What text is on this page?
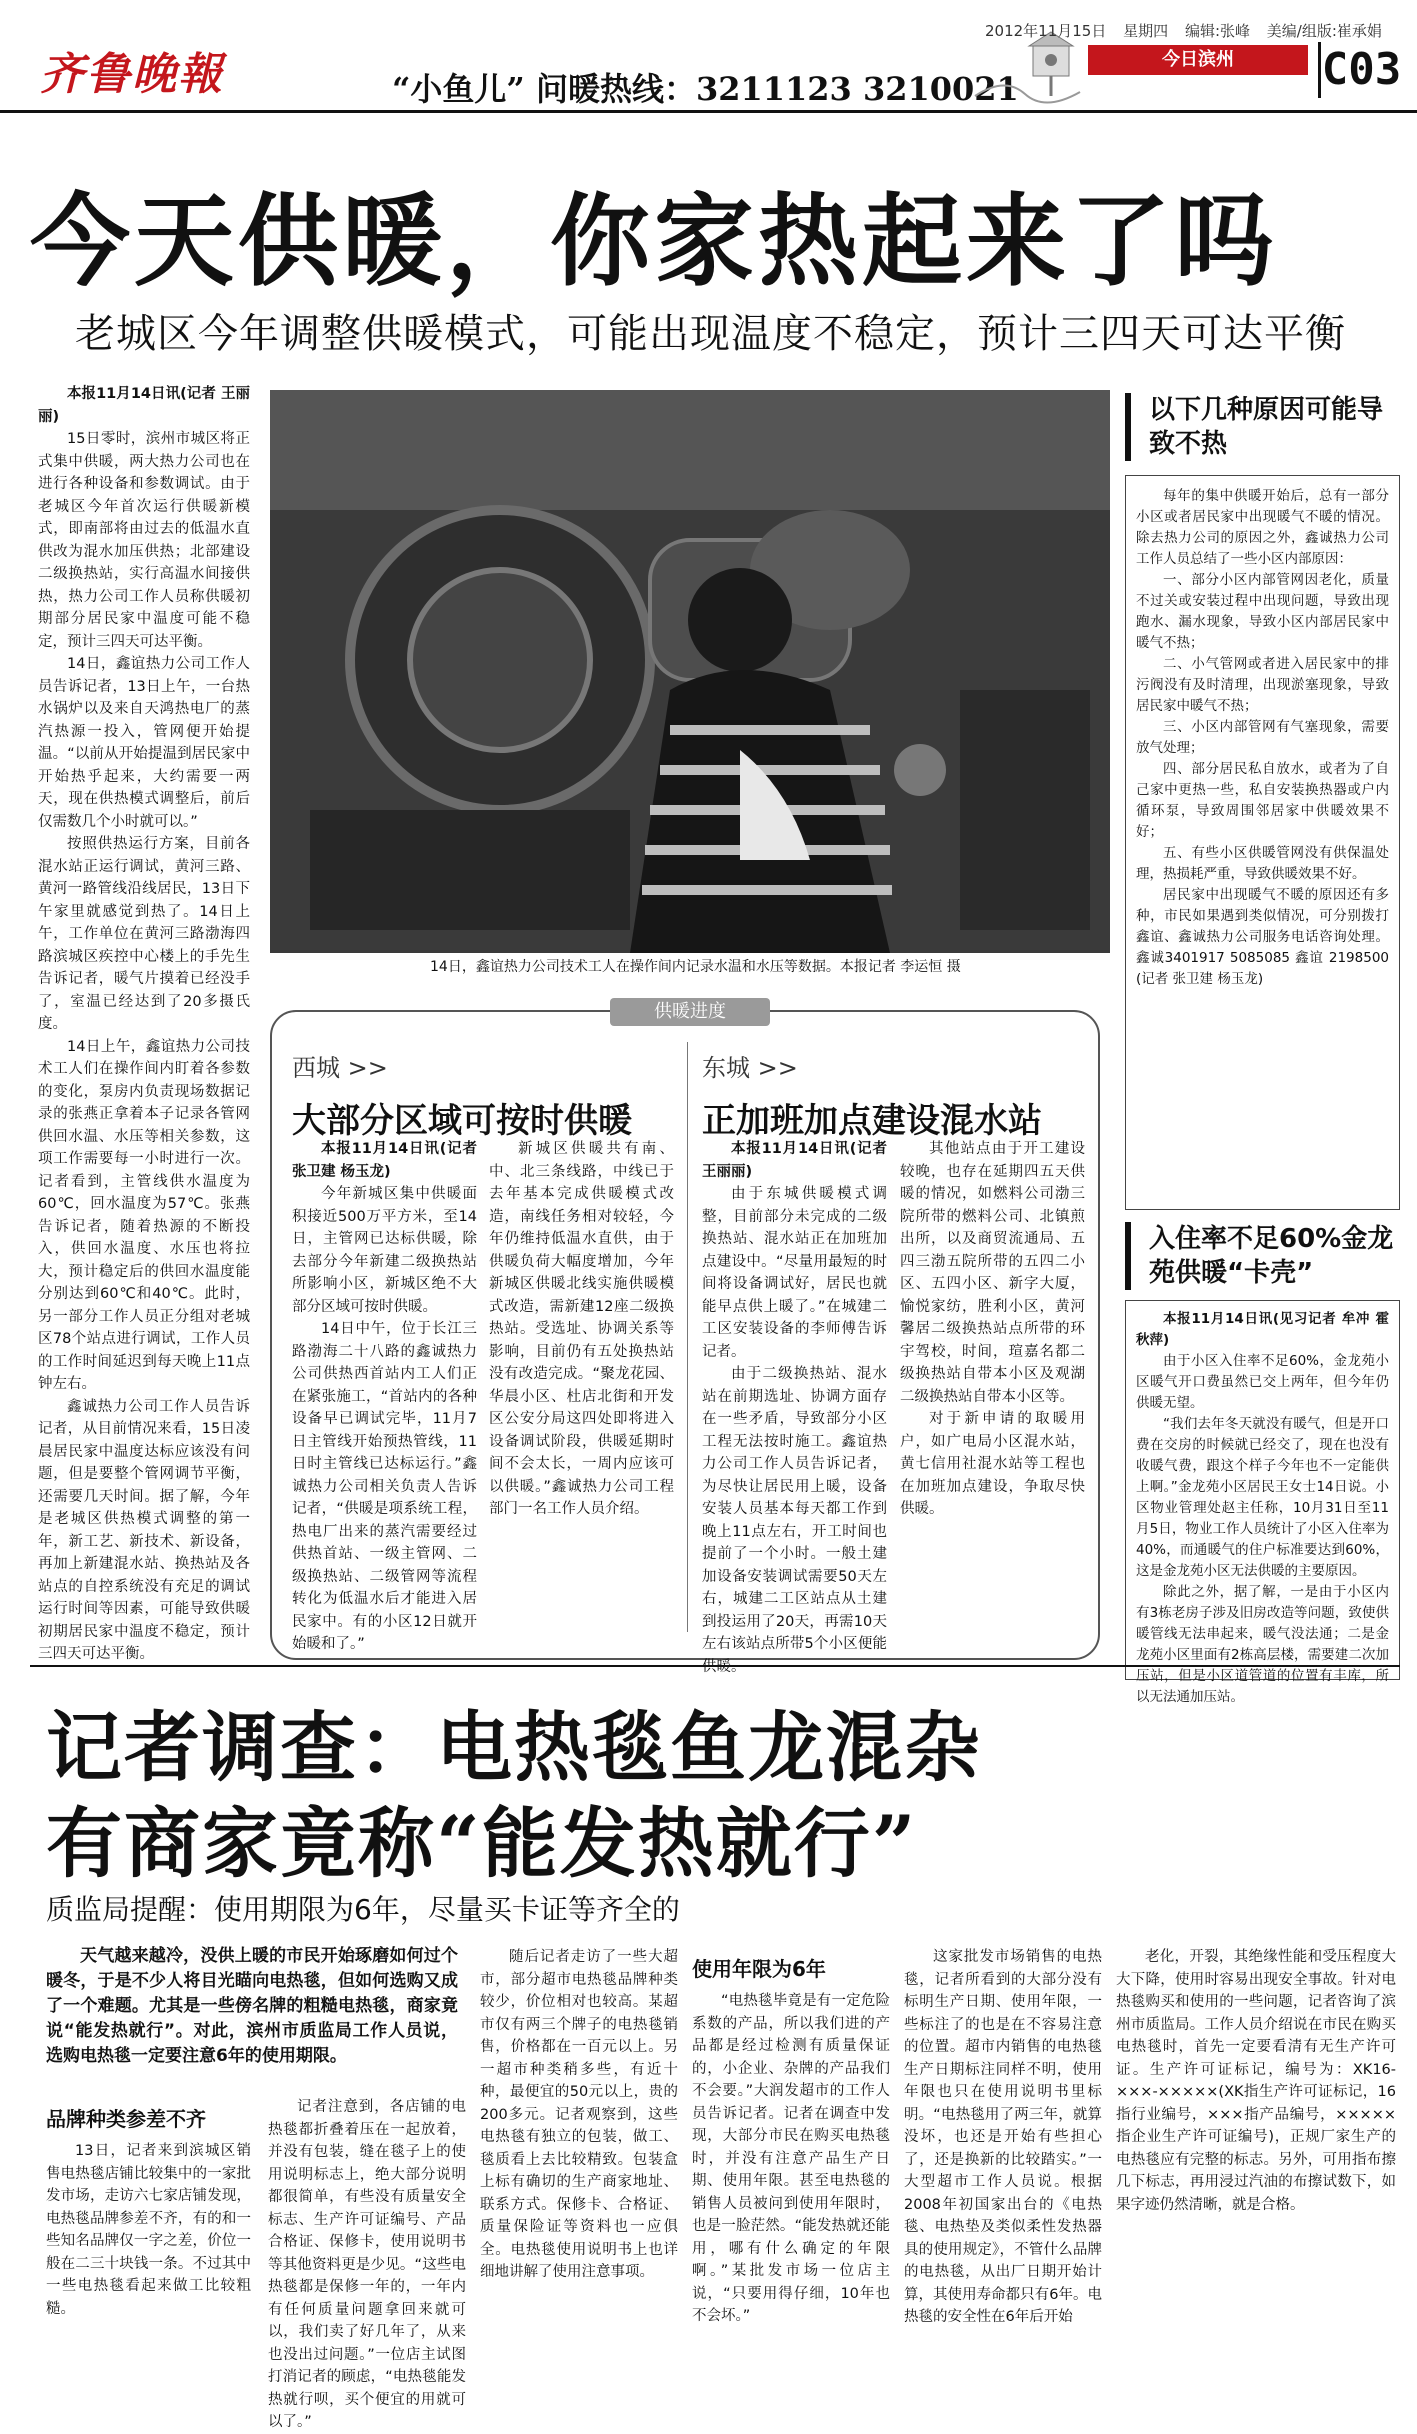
齐鲁晚報	“小鱼儿” 问暖热线：3211123 3210021
2012年11月15日 星期四 编辑:张峰 美编/组版:崔承娟
今日滨州	C03
今天供暖，你家热起来了吗
老城区今年调整供暖模式，可能出现温度不稳定，预计三四天可达平衡

本报11月14日讯(记者 王丽丽)

15日零时，滨州市城区将正式集中供暖，两大热力公司也在进行各种设备和参数调试。由于老城区今年首次运行供暖新模式，即南部将由过去的低温水直供改为混水加压供热；北部建设二级换热站，实行高温水间接供热，热力公司工作人员称供暖初期部分居民家中温度可能不稳定，预计三四天可达平衡。

14日，鑫谊热力公司工作人员告诉记者，13日上午，一台热水锅炉以及来自天鸿热电厂的蒸汽热源一投入，管网便开始提温。“以前从开始提温到居民家中开始热乎起来，大约需要一两天，现在供热模式调整后，前后仅需数几个小时就可以。”

按照供热运行方案，目前各混水站正运行调试，黄河三路、黄河一路管线沿线居民，13日下午家里就感觉到热了。14日上午，工作单位在黄河三路渤海四路滨城区疾控中心楼上的手先生告诉记者，暖气片摸着已经没手了，室温已经达到了20多摄氏度。

14日上午，鑫谊热力公司技术工人们在操作间内盯着各参数的变化，泵房内负责现场数据记录的张燕正拿着本子记录各管网供回水温、水压等相关参数，这项工作需要每一小时进行一次。记者看到，主管线供水温度为60℃，回水温度为57℃。张燕告诉记者，随着热源的不断投入，供回水温度、水压也将拉大，预计稳定后的供回水温度能分别达到60℃和40℃。此时，另一部分工作人员正分组对老城区78个站点进行调试，工作人员的工作时间延迟到每天晚上11点钟左右。

鑫诚热力公司工作人员告诉记者，从目前情况来看，15日凌晨居民家中温度达标应该没有问题，但是要整个管网调节平衡，还需要几天时间。据了解，今年是老城区供热模式调整的第一年，新工艺、新技术、新设备，再加上新建混水站、换热站及各站点的自控系统没有充足的调试运行时间等因素，可能导致供暖初期居民家中温度不稳定，预计三四天可达平衡。

14日，鑫谊热力公司技术工人在操作间内记录水温和水压等数据。本报记者 李运恒 摄
供暖进度
西城 >>
大部分区域可按时供暖

本报11月14日讯(记者 张卫建 杨玉龙)

今年新城区集中供暖面积接近500万平方米，至14日，主管网已达标供暖，除去部分今年新建二级换热站所影响小区，新城区绝不大部分区域可按时供暖。

14日中午，位于长江三路渤海二十八路的鑫诚热力公司供热西首站内工人们正在紧张施工，“首站内的各种设备早已调试完毕，11月7日主管线开始预热管线，11日时主管线已达标运行。”鑫诚热力公司相关负责人告诉记者，“供暖是项系统工程，热电厂出来的蒸汽需要经过供热首站、一级主管网、二级换热站、二级管网等流程转化为低温水后才能进入居民家中。有的小区12日就开始暖和了。”

新城区供暖共有南、中、北三条线路，中线已于去年基本完成供暖模式改造，南线任务相对较轻，今年仍维持低温水直供，由于供暖负荷大幅度增加，今年新城区供暖北线实施供暖模式改造，需新建12座二级换热站。受选址、协调关系等影响，目前仍有五处换热站没有改造完成。“聚龙花园、华晨小区、杜店北街和开发区公安分局这四处即将进入设备调试阶段，供暖延期时间不会太长，一周内应该可以供暖。”鑫诚热力公司工程部门一名工作人员介绍。

东城 >>
正加班加点建设混水站

本报11月14日讯(记者 王丽丽)

由于东城供暖模式调整，目前部分未完成的二级换热站、混水站正在加班加点建设中。“尽量用最短的时间将设备调试好，居民也就能早点供上暖了。”在城建二工区安装设备的李师傅告诉记者。

由于二级换热站、混水站在前期选址、协调方面存在一些矛盾，导致部分小区工程无法按时施工。鑫谊热力公司工作人员告诉记者，为尽快让居民用上暖，设备安装人员基本每天都工作到晚上11点左右，开工时间也提前了一个小时。一般土建加设备安装调试需要50天左右，城建二工区站点从土建到投运用了20天，再需10天左右该站点所带5个小区便能

其他站点由于开工建设较晚，也存在延期四五天供暖的情况，如燃料公司渤三院所带的燃料公司、北镇煎出所，以及商贸流通局、五四三渤五院所带的五四二小区、五四小区、新字大厦，愉悦家纺，胜利小区，黄河馨居二级换热站点所带的环宇驾校，时间，瑄嘉名都二级换热站自带本小区及观湖二级换热站自带本小区等。

对于新申请的取暖用户，如广电局小区混水站，黄七信用社混水站等工程也在加班加点建设，争取尽快供暖。

以下几种原因可能导致不热

每年的集中供暖开始后，总有一部分小区或者居民家中出现暖气不暖的情况。除去热力公司的原因之外，鑫诚热力公司工作人员总结了一些小区内部原因：

一、部分小区内部管网因老化，质量不过关或安装过程中出现问题，导致出现跑水、漏水现象，导致小区内部居民家中暖气不热；

二、小气管网或者进入居民家中的排污阀没有及时清理，出现淤塞现象，导致居民家中暖气不热；

三、小区内部管网有气塞现象，需要放气处理；

四、部分居民私自放水，或者为了自己家中更热一些，私自安装换热器或户内循环泵，导致周围邻居家中供暖效果不好；

五、有些小区供暖管网没有供保温处理，热损耗严重，导致供暖效果不好。

居民家中出现暖气不暖的原因还有多种，市民如果遇到类似情况，可分别拨打鑫谊、鑫诚热力公司服务电话咨询处理。鑫诚3401917 5085085 鑫谊 2198500 (记者 张卫建 杨玉龙)

入住率不足60%金龙苑供暖“卡壳”

本报11月14日讯(见习记者 牟冲 霍秋萍)

由于小区入住率不足60%，金龙苑小区暖气开口费虽然已交上两年，但今年仍供暖无望。

“我们去年冬天就没有暖气，但是开口费在交房的时候就已经交了，现在也没有收暖气费，跟这个样子今年也不一定能供上啊。”金龙苑小区居民王女士14日说。小区物业管理处赵主任称，10月31日至11月5日，物业工作人员统计了小区入住率为40%，而通暖气的住户标准要达到60%，这是金龙苑小区无法供暖的主要原因。

除此之外，据了解，一是由于小区内有3栋老房子涉及旧房改造等问题，致使供暖管线无法串起来，暖气没法通；二是金龙苑小区里面有2栋高层楼，需要建二次加压站，但是小区道管道的位置有丰库，所以无法通加压站。

记者调查：电热毯鱼龙混杂
有商家竟称“能发热就行”
质监局提醒：使用期限为6年，尽量买卡证等齐全的

天气越来越冷，没供上暖的市民开始琢磨如何过个暖冬，于是不少人将目光瞄向电热毯，但如何选购又成了一个难题。尤其是一些傍名牌的粗糙电热毯，商家竟说“能发热就行”。对此，滨州市质监局工作人员说，选购电热毯一定要注意6年的使用期限。

品牌种类参差不齐

13日，记者来到滨城区销售电热毯店铺比较集中的一家批发市场，走访六七家店铺发现，电热毯品牌参差不齐，有的和一些知名品牌仅一字之差，价位一般在二三十块钱一条。不过其中一些电热毯看起来做工比较粗糙。

记者注意到，各店铺的电热毯都折叠着压在一起放着，并没有包装，缝在毯子上的使用说明标志上，绝大部分说明都很简单，有些没有质量安全标志、生产许可证编号、产品合格证、保修卡，使用说明书等其他资料更是少见。“这些电热毯都是保修一年的，一年内有任何质量问题拿回来就可以，我们卖了好几年了，从来也没出过问题。”一位店主试图打消记者的顾虑，“电热毯能发热就行呗，买个便宜的用就可以了。”

随后记者走访了一些大超市，部分超市电热毯品牌种类较少，价位相对也较高。某超市仅有两三个牌子的电热毯销售，价格都在一百元以上。另一超市种类稍多些，有近十种，最便宜的50元以上，贵的200多元。记者观察到，这些电热毯有独立的包装，做工、毯质看上去比较精致。包装盒上标有确切的生产商家地址、联系方式。保修卡、合格证、质量保险证等资料也一应俱全。电热毯使用说明书上也详细地讲解了使用注意事项。

使用年限为6年

“电热毯毕竟是有一定危险系数的产品，所以我们进的产品都是经过检测有质量保证的，小企业、杂牌的产品我们不会要。”大润发超市的工作人员告诉记者。记者在调查中发现，大部分市民在购买电热毯时，并没有注意产品生产日期、使用年限。甚至电热毯的销售人员被问到使用年限时，也是一脸茫然。“能发热就还能用，哪有什么确定的年限啊。”某批发市场一位店主说，“只要用得仔细，10年也不会坏。”

这家批发市场销售的电热毯，记者所看到的大部分没有标明生产日期、使用年限，一些标注了的也是在不容易注意的位置。超市内销售的电热毯生产日期标注同样不明，使用年限也只在使用说明书里标明。“电热毯用了两三年，就算没坏，也还是开始有些担心了，还是换新的比较踏实。”一大型超市工作人员说。根据2008年初国家出台的《电热毯、电热垫及类似柔性发热器具的使用规定》，不管什么品牌的电热毯，从出厂日期开始计算，其使用寿命都只有6年。电热毯的安全性在6年后开始

老化，开裂，其绝缘性能和受压程度大大下降，使用时容易出现安全事故。针对电热毯购买和使用的一些问题，记者咨询了滨州市质监局。工作人员介绍说在市民在购买电热毯时，首先一定要看清有无生产许可证。生产许可证标记，编号为：XK16-×××-×××××(XK指生产许可证标记，16指行业编号，×××指产品编号，×××××指企业生产许可证编号)，正规厂家生产的电热毯应有完整的标志。另外，可用指布擦几下标志，再用浸过汽油的布擦试数下，如果字迹仍然清晰，就是合格。
